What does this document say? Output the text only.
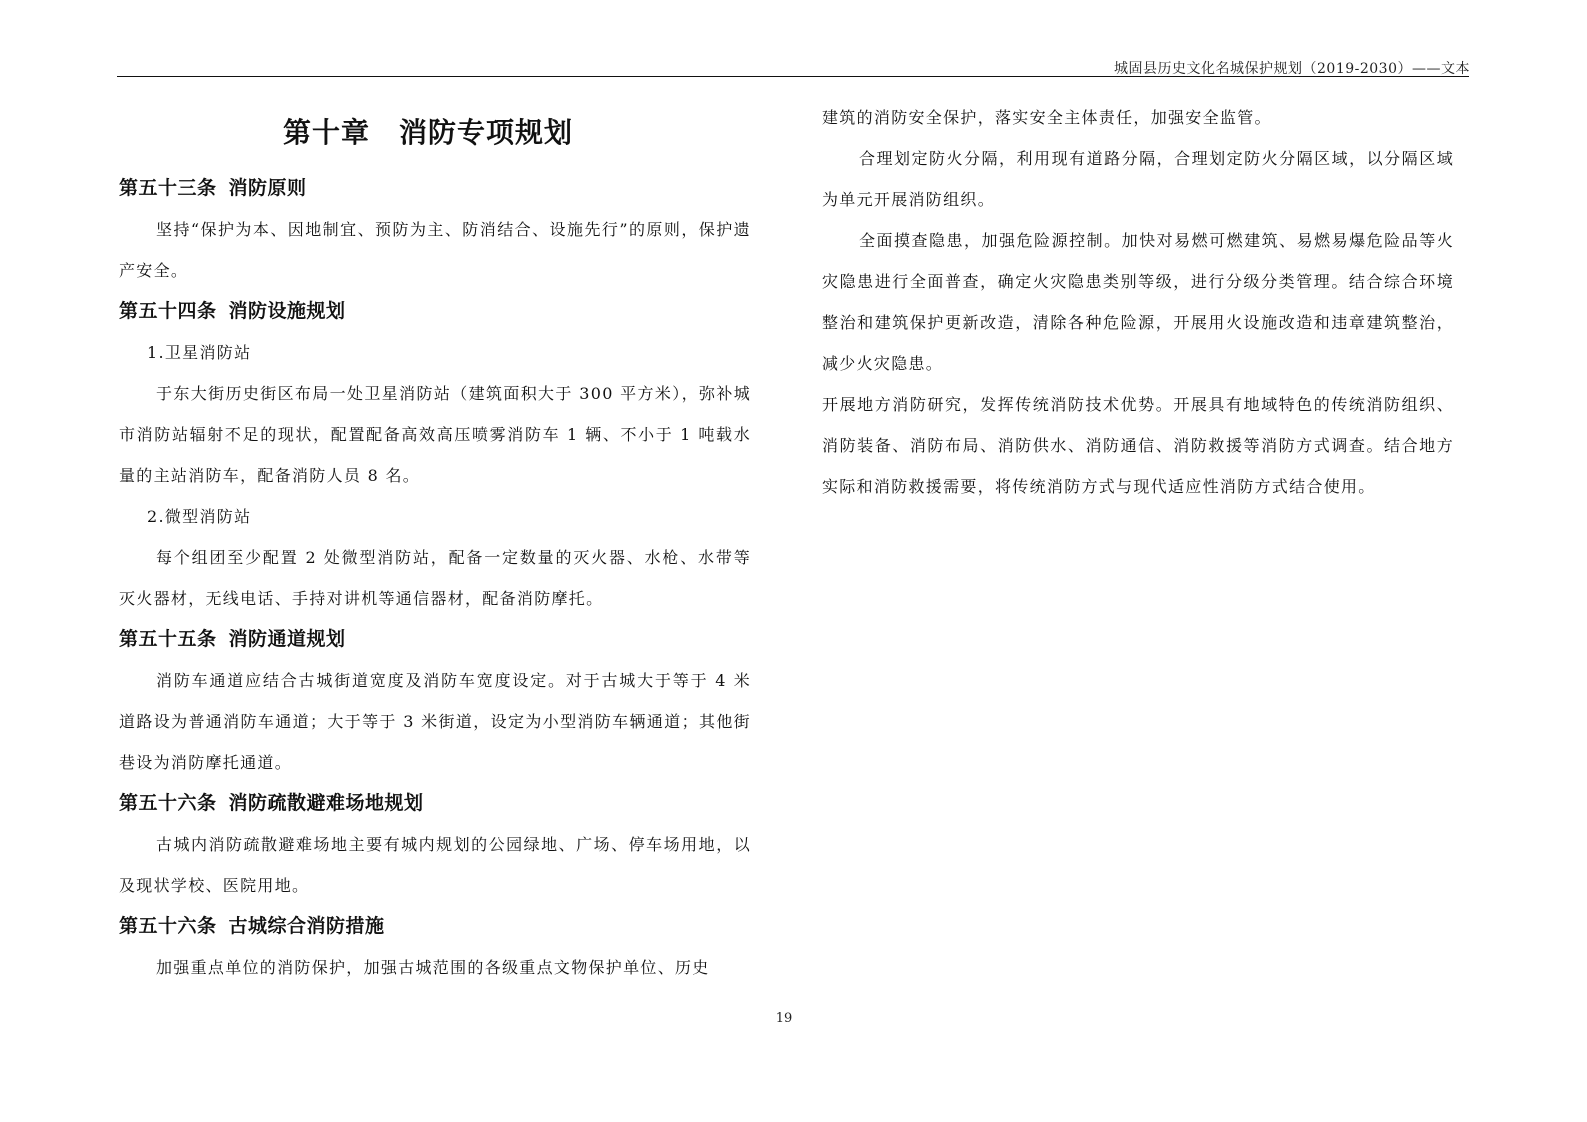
城固县历史文化名城保护规划（2019-2030）——文本
第十章　消防专项规划
第五十三条 消防原则

坚持“保护为本、因地制宜、预防为主、防消结合、设施先行”的原则，保护遗产安全。

第五十四条 消防设施规划

1.卫星消防站

于东大街历史街区布局一处卫星消防站（建筑面积大于 300 平方米），弥补城市消防站辐射不足的现状，配置配备高效高压喷雾消防车 1 辆、不小于 1 吨载水量的主站消防车，配备消防人员 8 名。

2.微型消防站

每个组团至少配置 2 处微型消防站，配备一定数量的灭火器、水枪、水带等灭火器材，无线电话、手持对讲机等通信器材，配备消防摩托。

第五十五条 消防通道规划

消防车通道应结合古城街道宽度及消防车宽度设定。对于古城大于等于 4 米道路设为普通消防车通道；大于等于 3 米街道，设定为小型消防车辆通道；其他街巷设为消防摩托通道。

第五十六条 消防疏散避难场地规划

古城内消防疏散避难场地主要有城内规划的公园绿地、广场、停车场用地，以及现状学校、医院用地。

第五十六条 古城综合消防措施

加强重点单位的消防保护，加强古城范围的各级重点文物保护单位、历史

建筑的消防安全保护，落实安全主体责任，加强安全监管。

合理划定防火分隔，利用现有道路分隔，合理划定防火分隔区域，以分隔区域为单元开展消防组织。

全面摸查隐患，加强危险源控制。加快对易燃可燃建筑、易燃易爆危险品等火灾隐患进行全面普查，确定火灾隐患类别等级，进行分级分类管理。结合综合环境整治和建筑保护更新改造，清除各种危险源，开展用火设施改造和违章建筑整治，减少火灾隐患。

开展地方消防研究，发挥传统消防技术优势。开展具有地域特色的传统消防组织、消防装备、消防布局、消防供水、消防通信、消防救援等消防方式调查。结合地方实际和消防救援需要，将传统消防方式与现代适应性消防方式结合使用。

19
